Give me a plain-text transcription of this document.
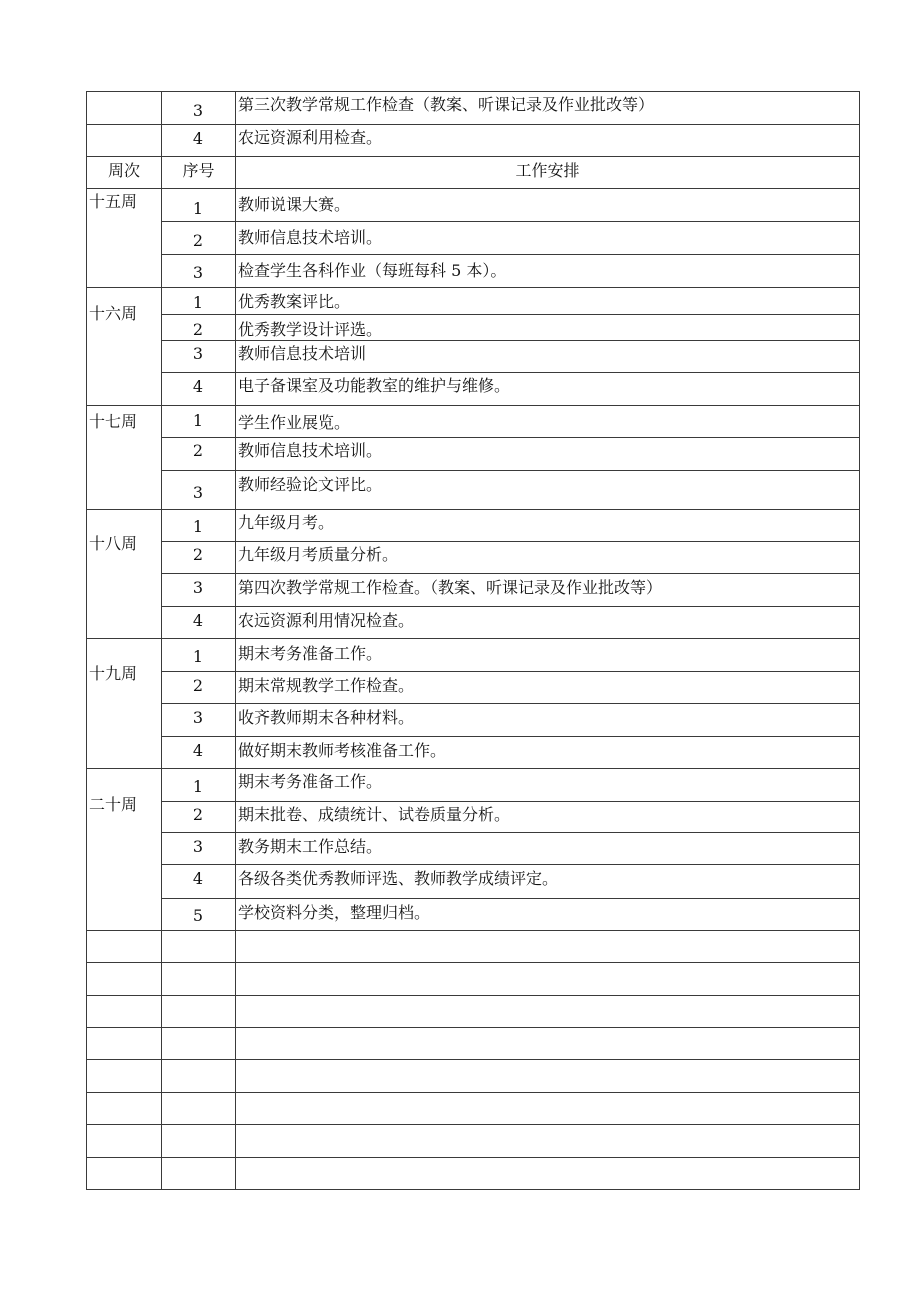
3	第三次教学常规工作检查（教案、听课记录及作业批改等）
4	农远资源利用检查。
周次	序号	工作安排
十五周	1	教师说课大赛。
2	教师信息技术培训。
3	检查学生各科作业（每班每科 5 本）。
十六周
1	优秀教案评比。
2	优秀教学设计评选。
3	教师信息技术培训
4	电子备课室及功能教室的维护与维修。
十七周	1	学生作业展览。
2	教师信息技术培训。
3	教师经验论文评比。
十八周
1	九年级月考。
2	九年级月考质量分析。
3	第四次教学常规工作检查。（教案、听课记录及作业批改等）
4	农远资源利用情况检查。
十九周
1	期末考务准备工作。
2	期末常规教学工作检查。
3	收齐教师期末各种材料。
4	做好期末教师考核准备工作。
二十周
1	期末考务准备工作。
2	期末批卷、成绩统计、试卷质量分析。
3	教务期末工作总结。
4	各级各类优秀教师评选、教师教学成绩评定。
5	学校资料分类，整理归档。
